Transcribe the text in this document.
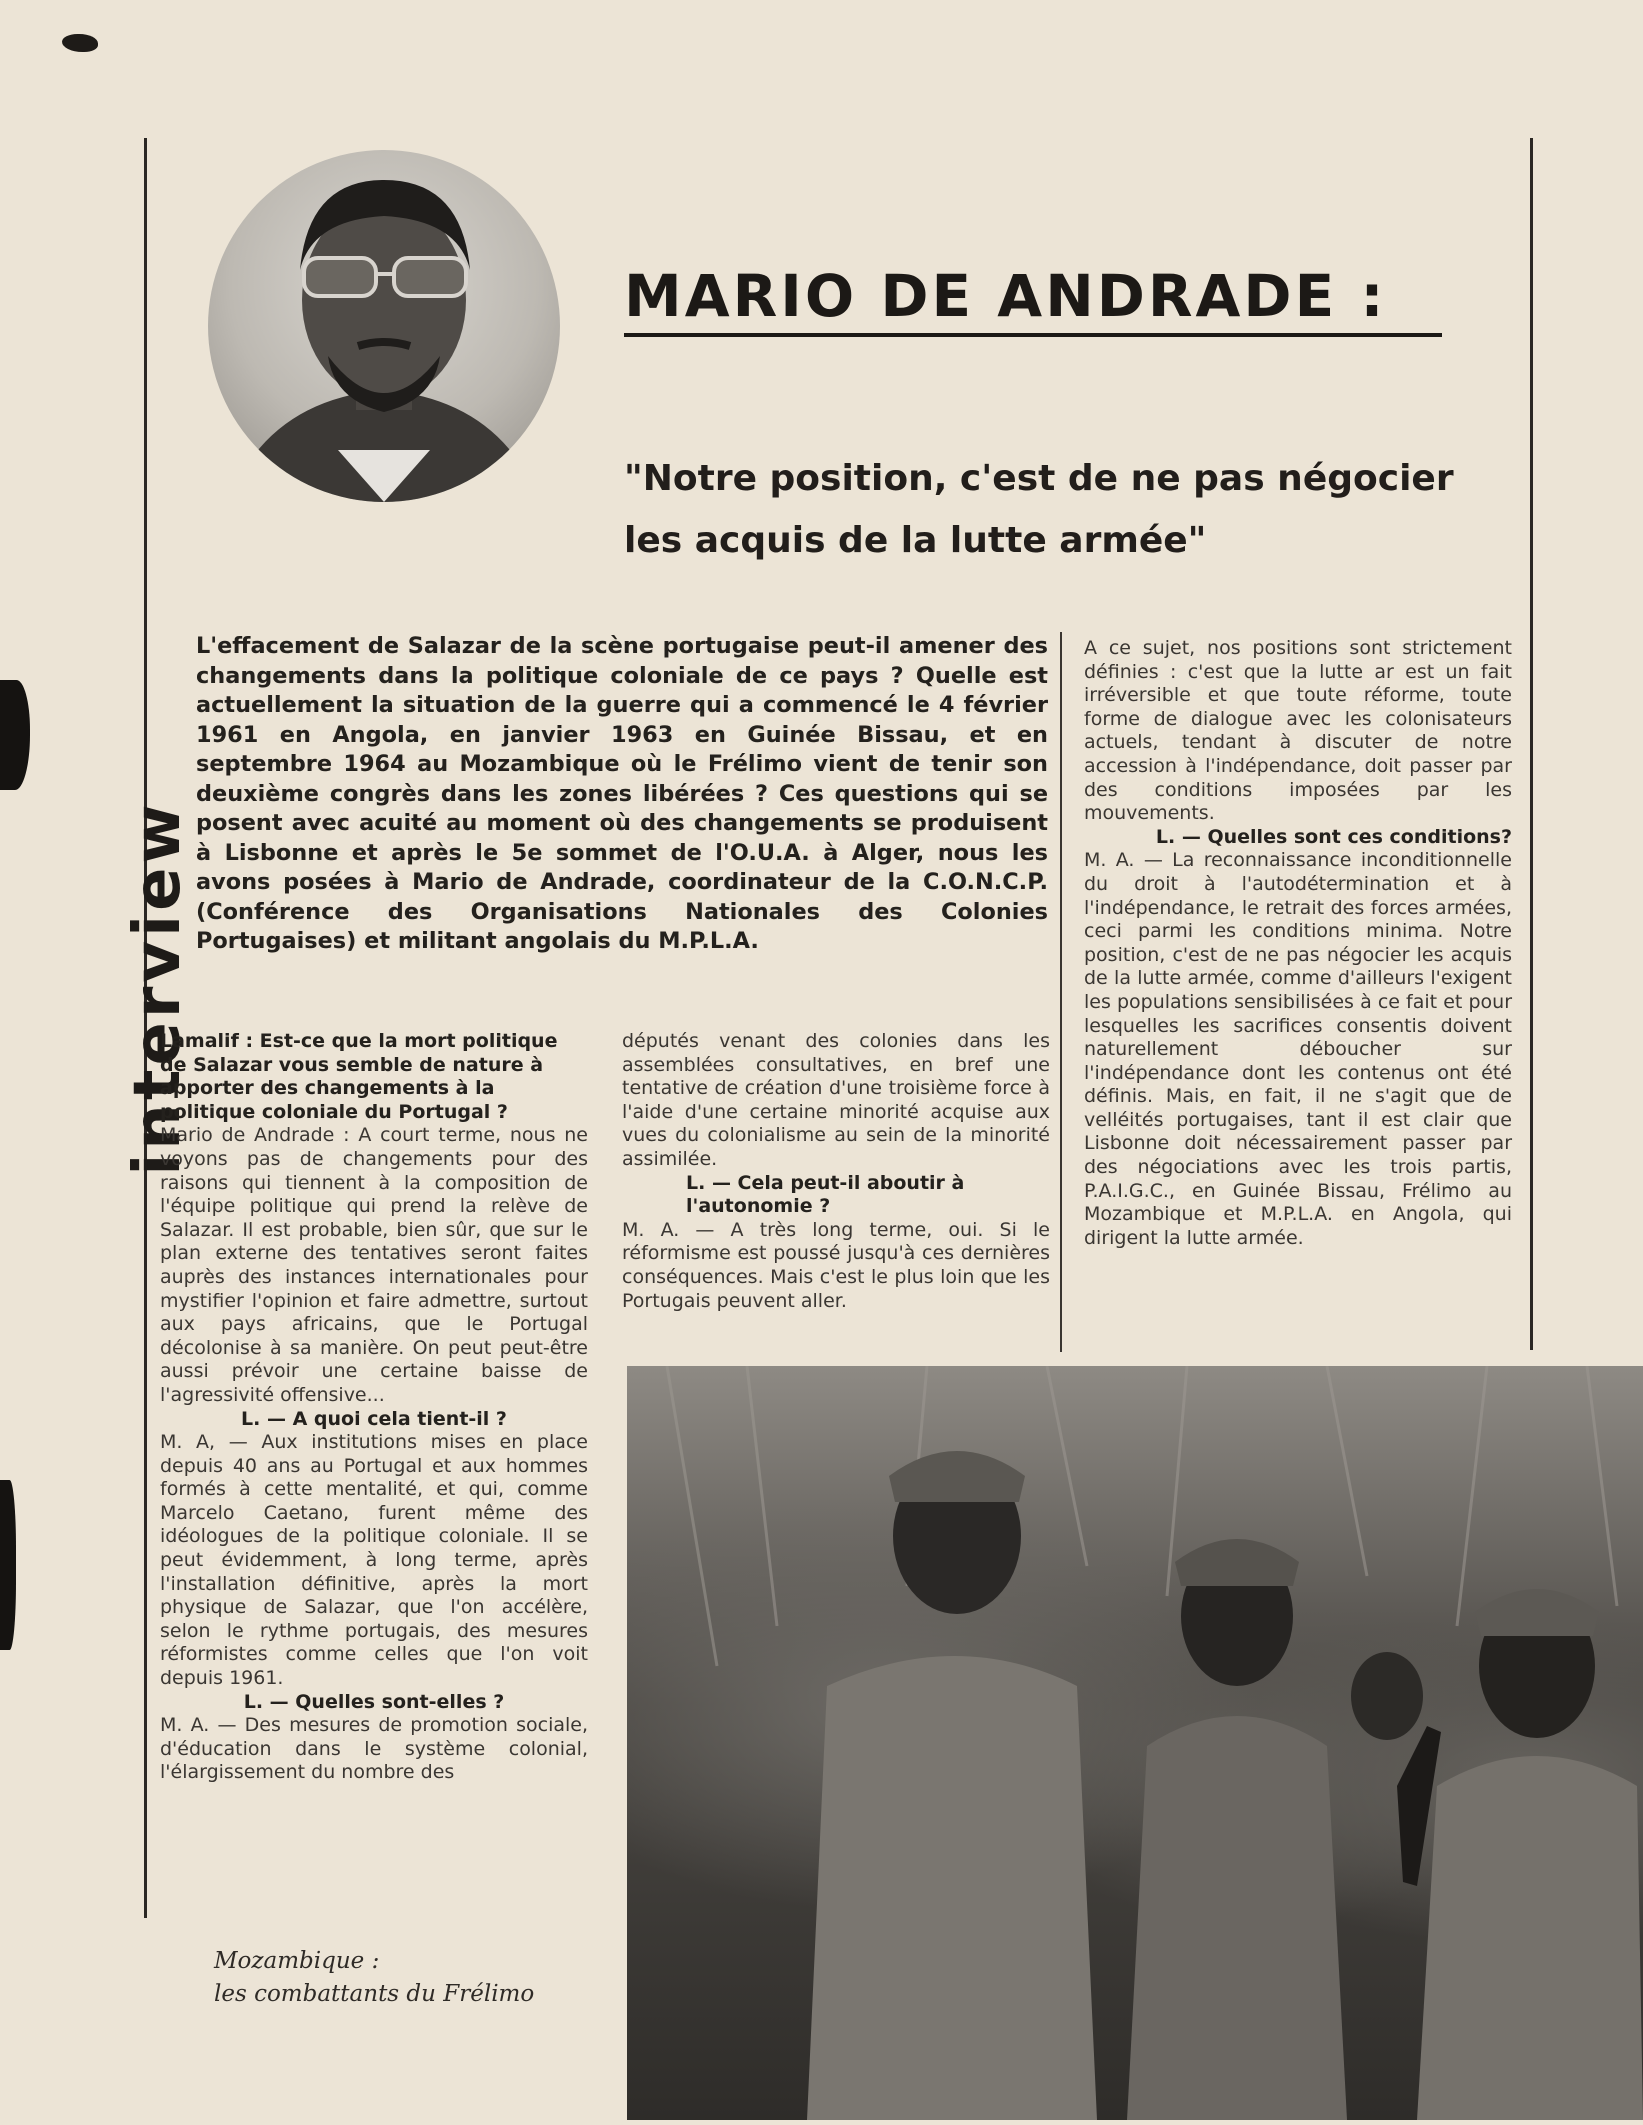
interview
MARIO DE ANDRADE :
"Notre position, c'est de ne pas négocier
les acquis de la lutte armée"
L'effacement de Salazar de la scène portugaise peut-il amener des changements dans la politique coloniale de ce pays ? Quelle est actuellement la situation de la guerre qui a commencé le 4 février 1961 en Angola, en janvier 1963 en Guinée Bissau, et en septembre 1964 au Mozambique où le Frélimo vient de tenir son deuxième congrès dans les zones libérées ? Ces questions qui se posent avec acuité au moment où des changements se produisent à Lisbonne et après le 5e sommet de l'O.U.A. à Alger, nous les avons posées à Mario de Andrade, coordinateur de la C.O.N.C.P. (Conférence des Organisations Nationales des Colonies Portugaises) et militant angolais du M.P.L.A.

Lamalif : Est-ce que la mort politique de Salazar vous semble de nature à apporter des changements à la politique coloniale du Portugal ?

Mario de Andrade : A court terme, nous ne voyons pas de changements pour des raisons qui tiennent à la composition de l'équipe politique qui prend la relève de Salazar. Il est probable, bien sûr, que sur le plan externe des tentatives seront faites auprès des instances internationales pour mystifier l'opinion et faire admettre, surtout aux pays africains, que le Portugal décolonise à sa manière. On peut peut-être aussi prévoir une certaine baisse de l'agressivité offensive...

L. — A quoi cela tient-il ?

M. A, — Aux institutions mises en place depuis 40 ans au Portugal et aux hommes formés à cette mentalité, et qui, comme Marcelo Caetano, furent même des idéologues de la politique coloniale. Il se peut évidemment, à long terme, après l'installation définitive, après la mort physique de Salazar, que l'on accélère, selon le rythme portugais, des mesures réformistes comme celles que l'on voit depuis 1961.

L. — Quelles sont-elles ?

M. A. — Des mesures de promotion sociale, d'éducation dans le système colonial, l'élargissement du nombre des

députés venant des colonies dans les assemblées consultatives, en bref une tentative de création d'une troisième force à l'aide d'une certaine minorité acquise aux vues du colonialisme au sein de la minorité assimilée.

L. — Cela peut-il aboutir à l'autonomie ?

M. A. — A très long terme, oui. Si le réformisme est poussé jusqu'à ces dernières conséquences. Mais c'est le plus loin que les Portugais peuvent aller.

A ce sujet, nos positions sont strictement définies : c'est que la lutte ar est un fait irréversible et que toute réforme, toute forme de dialogue avec les colonisateurs actuels, tendant à discuter de notre accession à l'indépendance, doit passer par des conditions imposées par les mouvements.

L. — Quelles sont ces conditions?

M. A. — La reconnaissance inconditionnelle du droit à l'autodétermination et à l'indépendance, le retrait des forces armées, ceci parmi les conditions minima. Notre position, c'est de ne pas négocier les acquis de la lutte armée, comme d'ailleurs l'exigent les populations sensibilisées à ce fait et pour lesquelles les sacrifices consentis doivent naturellement déboucher sur l'indépendance dont les contenus ont été définis. Mais, en fait, il ne s'agit que de velléités portugaises, tant il est clair que Lisbonne doit nécessairement passer par des négociations avec les trois partis, P.A.I.G.C., en Guinée Bissau, Frélimo au Mozambique et M.P.L.A. en Angola, qui dirigent la lutte armée.

Mozambique :
les combattants du Frélimo
